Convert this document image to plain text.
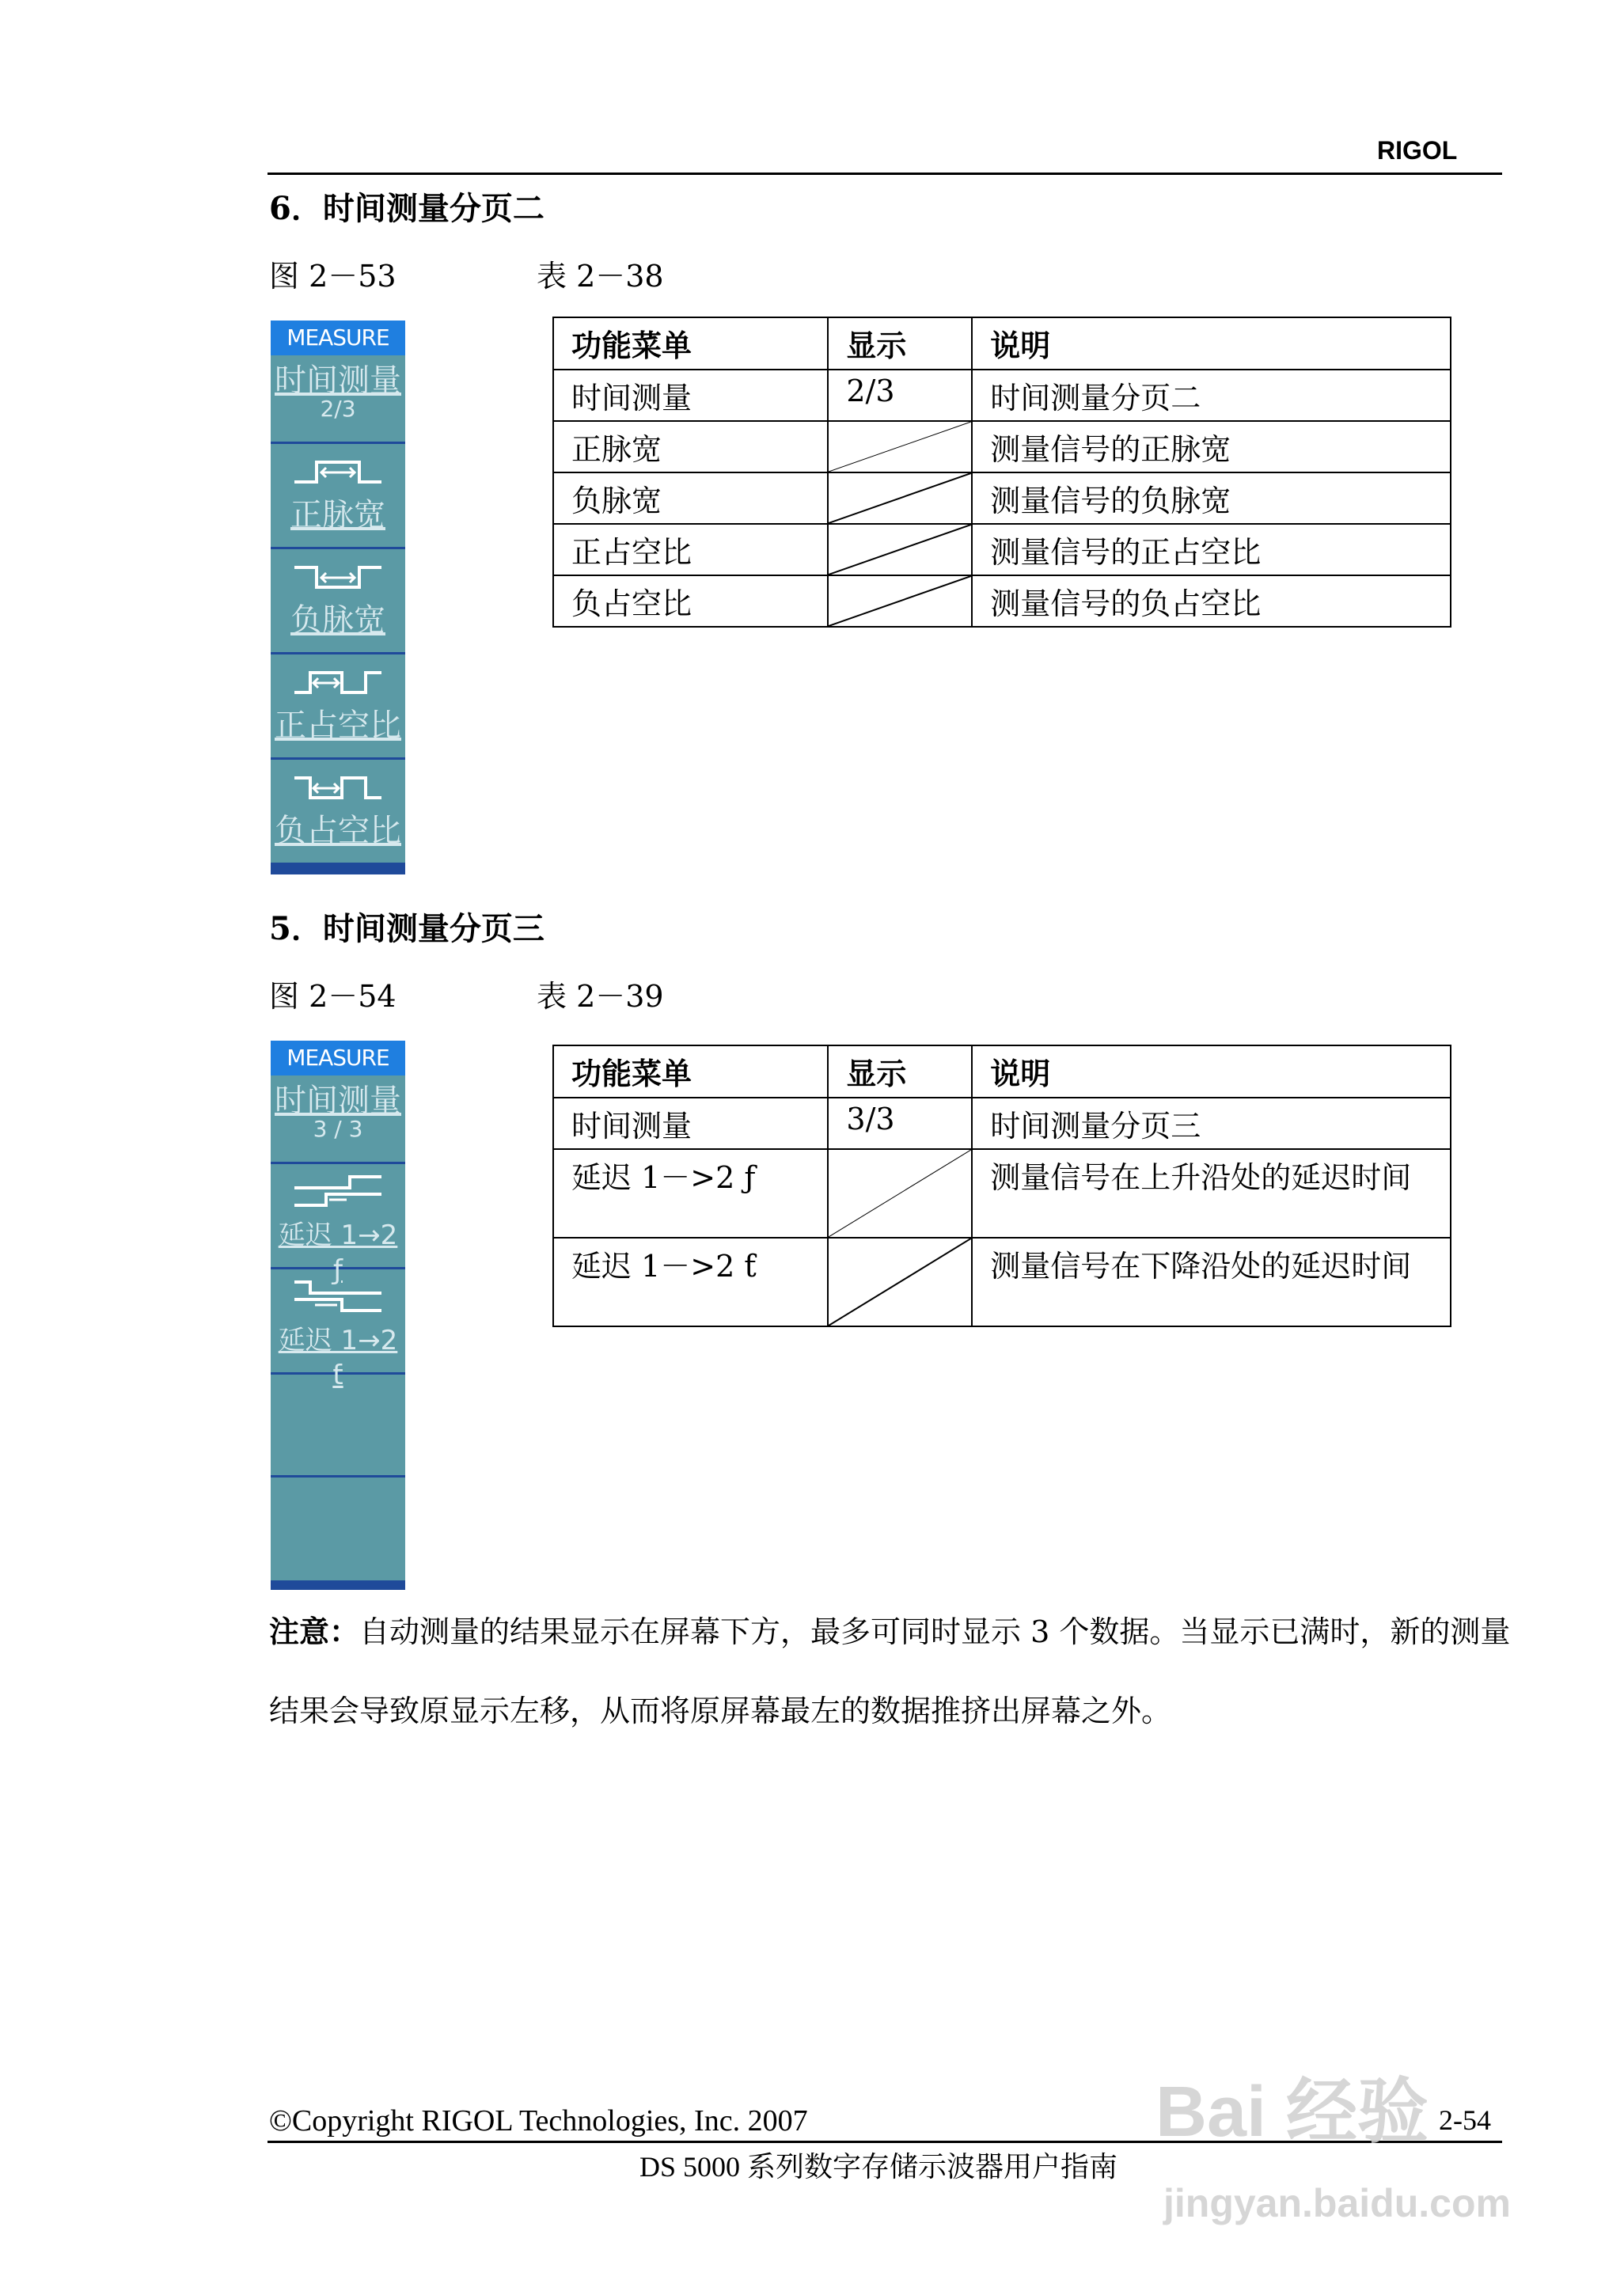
RIGOL
6．时间测量分页二
图 2－53	表 2－38
MEASURE
时间测量
2/3
正脉宽
负脉宽
正占空比
负占空比
功能菜单	显示	说明
时间测量	2/3	时间测量分页二
正脉宽		测量信号的正脉宽
负脉宽		测量信号的负脉宽
正占空比		测量信号的正占空比
负占空比		测量信号的负占空比
5．时间测量分页三
图 2－54	表 2－39
MEASURE
时间测量
3 / 3
延迟 1→2 ƒ
延迟 1→2 ƭ
功能菜单	显示	说明
时间测量	3/3	时间测量分页三
延迟 1－>2 ƒ		测量信号在上升沿处的延迟时间
延迟 1－>2 ƭ		测量信号在下降沿处的延迟时间
注意：自动测量的结果显示在屏幕下方，最多可同时显示 3 个数据。当显示已满时，新的测量结果会导致原显示左移，从而将原屏幕最左的数据推挤出屏幕之外。
©Copyright RIGOL Technologies, Inc. 2007	2-54
DS 5000 系列数字存储示波器用户指南
Bai 经验
jingyan.baidu.com
